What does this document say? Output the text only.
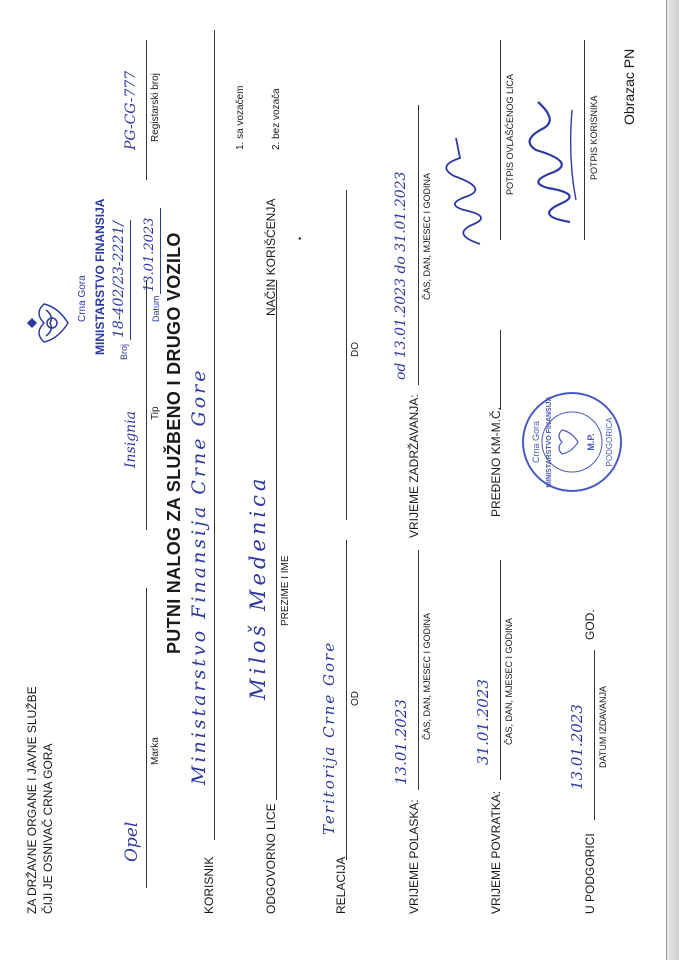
ZA DRŽAVNE ORGANE I JAVNE SLUŽBE ČIJI JE OSNIVAČ CRNA GORA
Obrazac PN
Crna Gora MINISTARSTVO FINANSIJA Broj
18-402/23-2221/	Datum
13.01.2023 PUTNI NALOG ZA SLUŽBENO I DRUGO VOZILO
Opel
Marka
Insignia Tip
PG-CG-777 Registarski broj
KORISNIK
Ministarstvo Finansija Crne Gore
ODGOVORNO LICE
Miloš Medenica PREZIME I IME
NAČIN KORIŠĆENJA
1. sa vozačem	2. bez vozača
•
RELACIJA
Teritorija Crne Gore OD
DO
VRIJEME POLASKA:
13.01.2023
ČAS, DAN, MJESEC I GODINA
VRIJEME ZADRŽAVANJA:
od 13.01.2023 do 31.01.2023 ČAS, DAN, MJESEC I GODINA
VRIJEME POVRATKA:
31.01.2023 ČAS, DAN, MJESEC I GODINA
PREĐENO KM-M.Č.	Crna Gora MINISTARSTVO FINANSIJA	M.P. PODGORICA
U PODGORICI
13.01.2023
GOD.
DATUM IZDAVANJA
POTPIS OVLAŠĆENOG LICA	POTPIS KORISNIKA
